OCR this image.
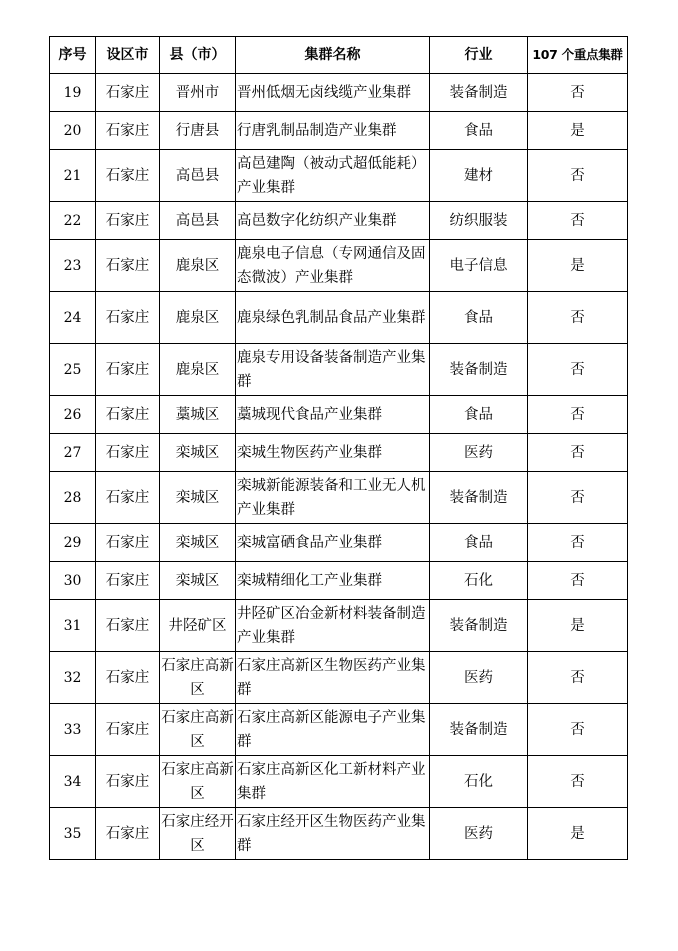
序号	设区市	县（市）	集群名称	行业	107 个重点集群
19	石家庄	晋州市	晋州低烟无卤线缆产业集群	装备制造	否
20	石家庄	行唐县	行唐乳制品制造产业集群	食品	是
21	石家庄	高邑县	高邑建陶（被动式超低能耗）产业集群	建材	否
22	石家庄	高邑县	高邑数字化纺织产业集群	纺织服装	否
23	石家庄	鹿泉区	鹿泉电子信息（专网通信及固态微波）产业集群	电子信息	是
24	石家庄	鹿泉区	鹿泉绿色乳制品食品产业集群	食品	否
25	石家庄	鹿泉区	鹿泉专用设备装备制造产业集群	装备制造	否
26	石家庄	藁城区	藁城现代食品产业集群	食品	否
27	石家庄	栾城区	栾城生物医药产业集群	医药	否
28	石家庄	栾城区	栾城新能源装备和工业无人机产业集群	装备制造	否
29	石家庄	栾城区	栾城富硒食品产业集群	食品	否
30	石家庄	栾城区	栾城精细化工产业集群	石化	否
31	石家庄	井陉矿区	井陉矿区冶金新材料装备制造产业集群	装备制造	是
32	石家庄	石家庄高新区	石家庄高新区生物医药产业集群	医药	否
33	石家庄	石家庄高新区	石家庄高新区能源电子产业集群	装备制造	否
34	石家庄	石家庄高新区	石家庄高新区化工新材料产业集群	石化	否
35	石家庄	石家庄经开区	石家庄经开区生物医药产业集群	医药	是
